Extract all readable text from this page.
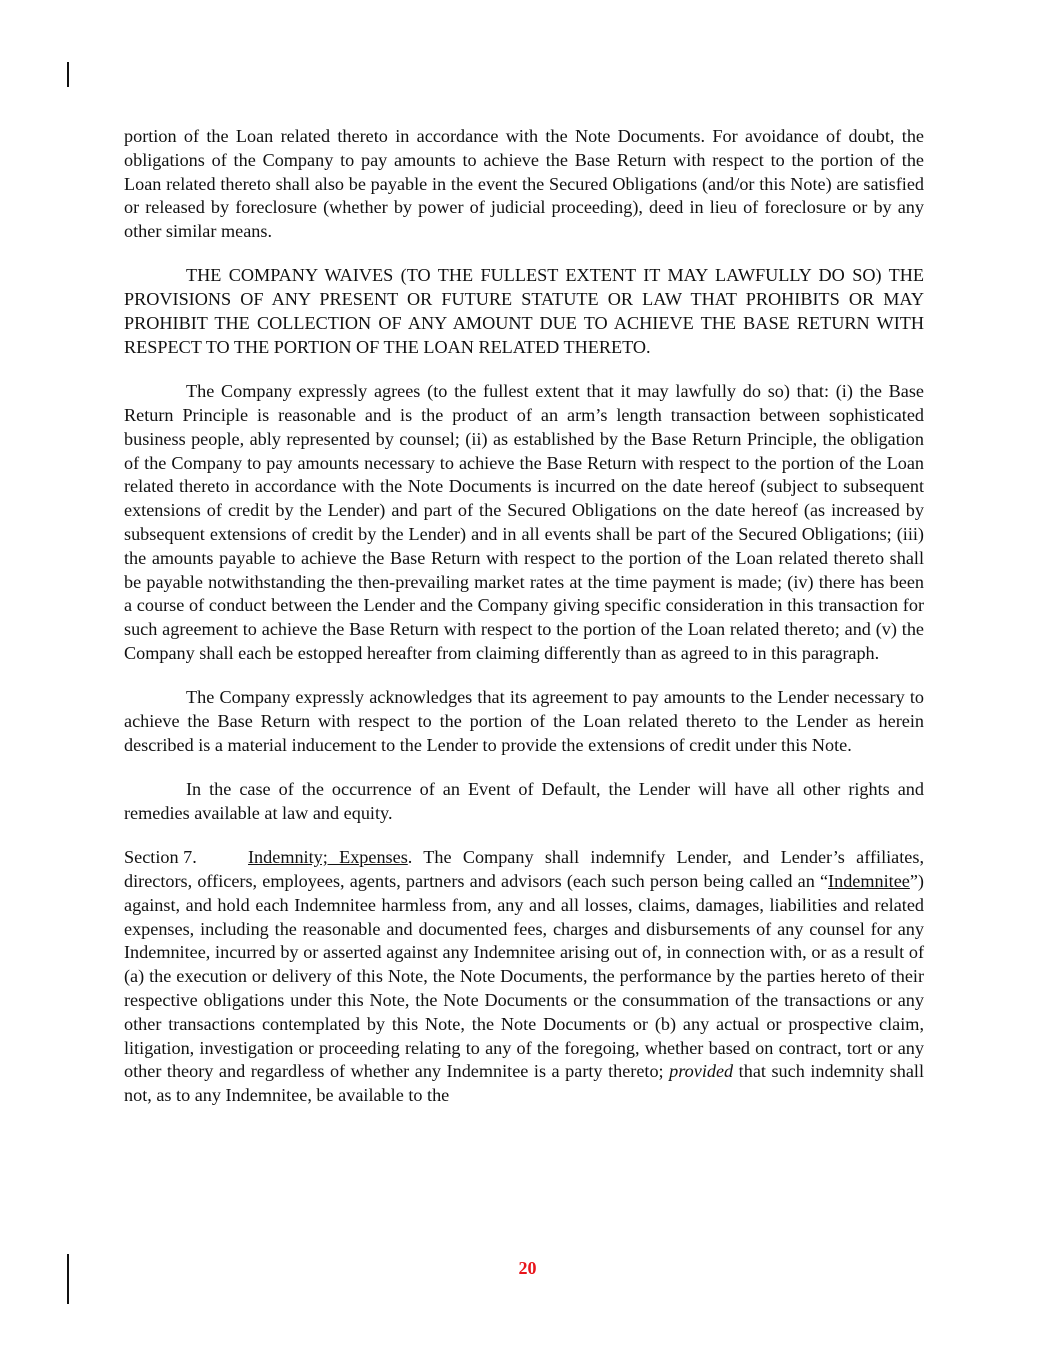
portion of the Loan related thereto in accordance with the Note Documents. For avoidance of doubt, the obligations of the Company to pay amounts to achieve the Base Return with respect to the portion of the Loan related thereto shall also be payable in the event the Secured Obligations (and/or this Note) are satisfied or released by foreclosure (whether by power of judicial proceeding), deed in lieu of foreclosure or by any other similar means.

THE COMPANY WAIVES (TO THE FULLEST EXTENT IT MAY LAWFULLY DO SO) THE PROVISIONS OF ANY PRESENT OR FUTURE STATUTE OR LAW THAT PROHIBITS OR MAY PROHIBIT THE COLLECTION OF ANY AMOUNT DUE TO ACHIEVE THE BASE RETURN WITH RESPECT TO THE PORTION OF THE LOAN RELATED THERETO.

The Company expressly agrees (to the fullest extent that it may lawfully do so) that: (i) the Base Return Principle is reasonable and is the product of an arm’s length transaction between sophisticated business people, ably represented by counsel; (ii) as established by the Base Return Principle, the obligation of the Company to pay amounts necessary to achieve the Base Return with respect to the portion of the Loan related thereto in accordance with the Note Documents is incurred on the date hereof (subject to subsequent extensions of credit by the Lender) and part of the Secured Obligations on the date hereof (as increased by subsequent extensions of credit by the Lender) and in all events shall be part of the Secured Obligations; (iii) the amounts payable to achieve the Base Return with respect to the portion of the Loan related thereto shall be payable notwithstanding the then-prevailing market rates at the time payment is made; (iv) there has been a course of conduct between the Lender and the Company giving specific consideration in this transaction for such agreement to achieve the Base Return with respect to the portion of the Loan related thereto; and (v) the Company shall each be estopped hereafter from claiming differently than as agreed to in this paragraph.

The Company expressly acknowledges that its agreement to pay amounts to the Lender necessary to achieve the Base Return with respect to the portion of the Loan related thereto to the Lender as herein described is a material inducement to the Lender to provide the extensions of credit under this Note.

In the case of the occurrence of an Event of Default, the Lender will have all other rights and remedies available at law and equity.

Section 7.	Indemnity; Expenses. The Company shall indemnify Lender, and Lender’s affiliates, directors, officers, employees, agents, partners and advisors (each such person being called an “Indemnitee”) against, and hold each Indemnitee harmless from, any and all losses, claims, damages, liabilities and related expenses, including the reasonable and documented fees, charges and disbursements of any counsel for any Indemnitee, incurred by or asserted against any Indemnitee arising out of, in connection with, or as a result of (a) the execution or delivery of this Note, the Note Documents, the performance by the parties hereto of their respective obligations under this Note, the Note Documents or the consummation of the transactions or any other transactions contemplated by this Note, the Note Documents or (b) any actual or prospective claim, litigation, investigation or proceeding relating to any of the foregoing, whether based on contract, tort or any other theory and regardless of whether any Indemnitee is a party thereto; provided that such indemnity shall not, as to any Indemnitee, be available to the

20
